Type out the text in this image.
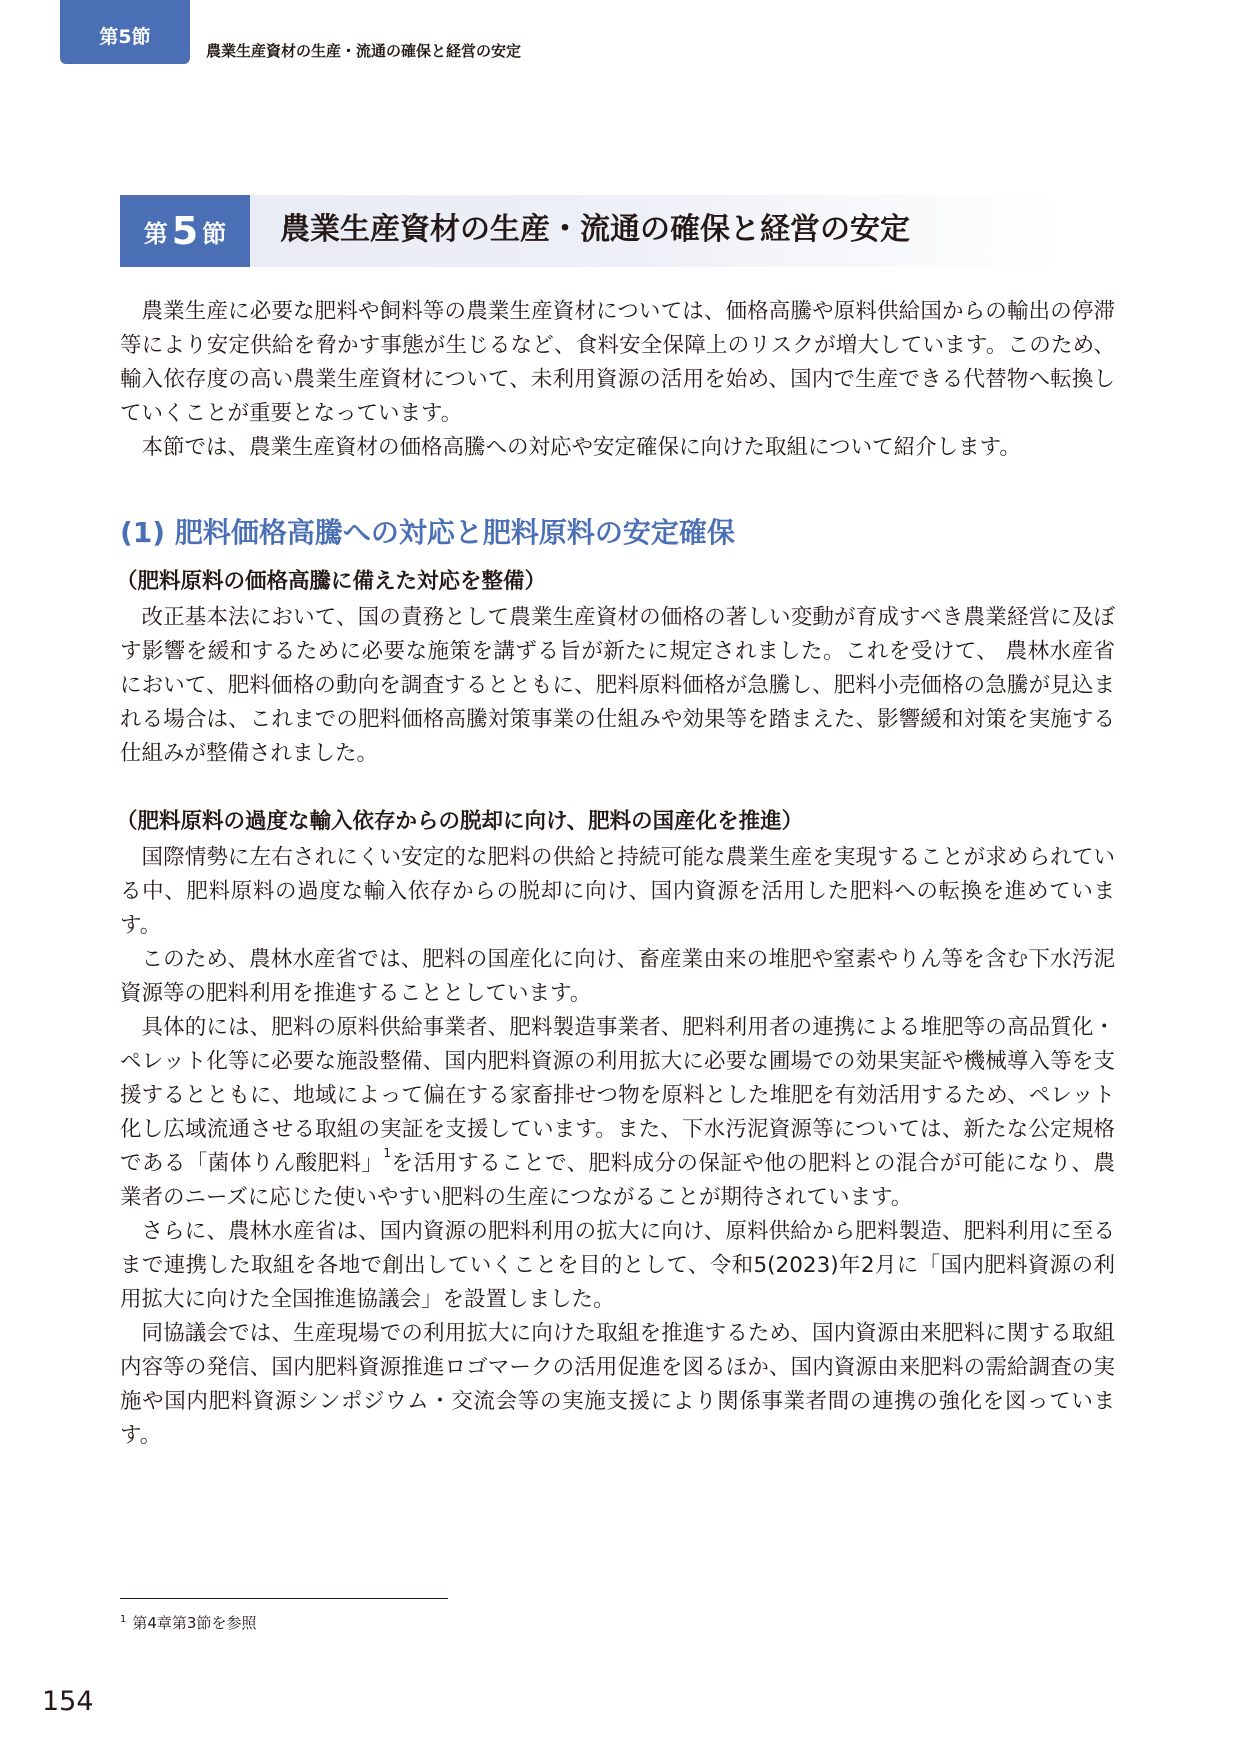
第5節
農業生産資材の生産・流通の確保と経営の安定
第 5 節 農業生産資材の生産・流通の確保と経営の安定

農業生産に必要な肥料や飼料等の農業生産資材については、価格高騰や原料供給国からの輸出の停滞等により安定供給を脅かす事態が生じるなど、食料安全保障上のリスクが増大しています。このため、輸入依存度の高い農業生産資材について、未利用資源の活用を始め、国内で生産できる代替物へ転換していくことが重要となっています。

本節では、農業生産資材の価格高騰への対応や安定確保に向けた取組について紹介します。

(1) 肥料価格高騰への対応と肥料原料の安定確保
（肥料原料の価格高騰に備えた対応を整備）

改正基本法において、国の責務として農業生産資材の価格の著しい変動が育成すべき農業経営に及ぼす影響を緩和するために必要な施策を講ずる旨が新たに規定されました。これを受けて、 農林水産省において、肥料価格の動向を調査するとともに、肥料原料価格が急騰し、肥料小売価格の急騰が見込まれる場合は、これまでの肥料価格高騰対策事業の仕組みや効果等を踏まえた、影響緩和対策を実施する仕組みが整備されました。

（肥料原料の過度な輸入依存からの脱却に向け、肥料の国産化を推進）

国際情勢に左右されにくい安定的な肥料の供給と持続可能な農業生産を実現することが求められている中、肥料原料の過度な輸入依存からの脱却に向け、国内資源を活用した肥料への転換を進めています。

このため、農林水産省では、肥料の国産化に向け、畜産業由来の堆肥や窒素やりん等を含む下水汚泥資源等の肥料利用を推進することとしています。

具体的には、肥料の原料供給事業者、肥料製造事業者、肥料利用者の連携による堆肥等の高品質化・ペレット化等に必要な施設整備、国内肥料資源の利用拡大に必要な圃場での効果実証や機械導入等を支援するとともに、地域によって偏在する家畜排せつ物を原料とした堆肥を有効活用するため、ペレット化し広域流通させる取組の実証を支援しています。また、下水汚泥資源等については、新たな公定規格である「菌体りん酸肥料」$^1$を活用することで、肥料成分の保証や他の肥料との混合が可能になり、農業者のニーズに応じた使いやすい肥料の生産につながることが期待されています。

さらに、農林水産省は、国内資源の肥料利用の拡大に向け、原料供給から肥料製造、肥料利用に至るまで連携した取組を各地で創出していくことを目的として、令和5(2023)年2月に「国内肥料資源の利用拡大に向けた全国推進協議会」を設置しました。

同協議会では、生産現場での利用拡大に向けた取組を推進するため、国内資源由来肥料に関する取組内容等の発信、国内肥料資源推進ロゴマークの活用促進を図るほか、国内資源由来肥料の需給調査の実施や国内肥料資源シンポジウム・交流会等の実施支援により関係事業者間の連携の強化を図っています。

$^1$ 第4章第3節を参照
154
